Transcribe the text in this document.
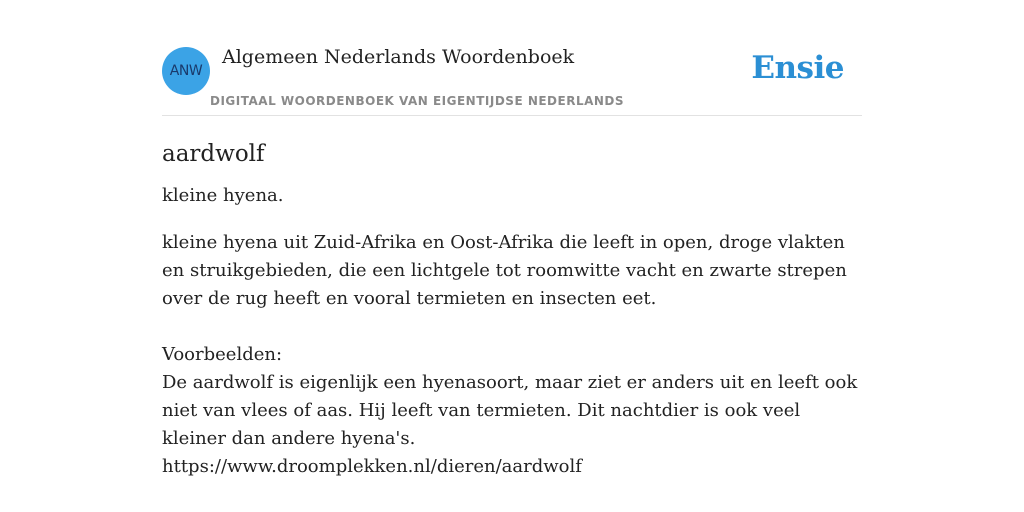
ANW
Algemeen Nederlands Woordenboek
DIGITAAL WOORDENBOEK VAN EIGENTIJDSE NEDERLANDS
Ensie
aardwolf

kleine hyena.

kleine hyena uit Zuid-Afrika en Oost-Afrika die leeft in open, droge vlakten en struikgebieden, die een lichtgele tot roomwitte vacht en zwarte strepen over de rug heeft en vooral termieten en insecten eet.

Voorbeelden:

De aardwolf is eigenlijk een hyenasoort, maar ziet er anders uit en leeft ook niet van vlees of aas. Hij leeft van termieten. Dit nachtdier is ook veel kleiner dan andere hyena's.

https://www.droomplekken.nl/dieren/aardwolf
